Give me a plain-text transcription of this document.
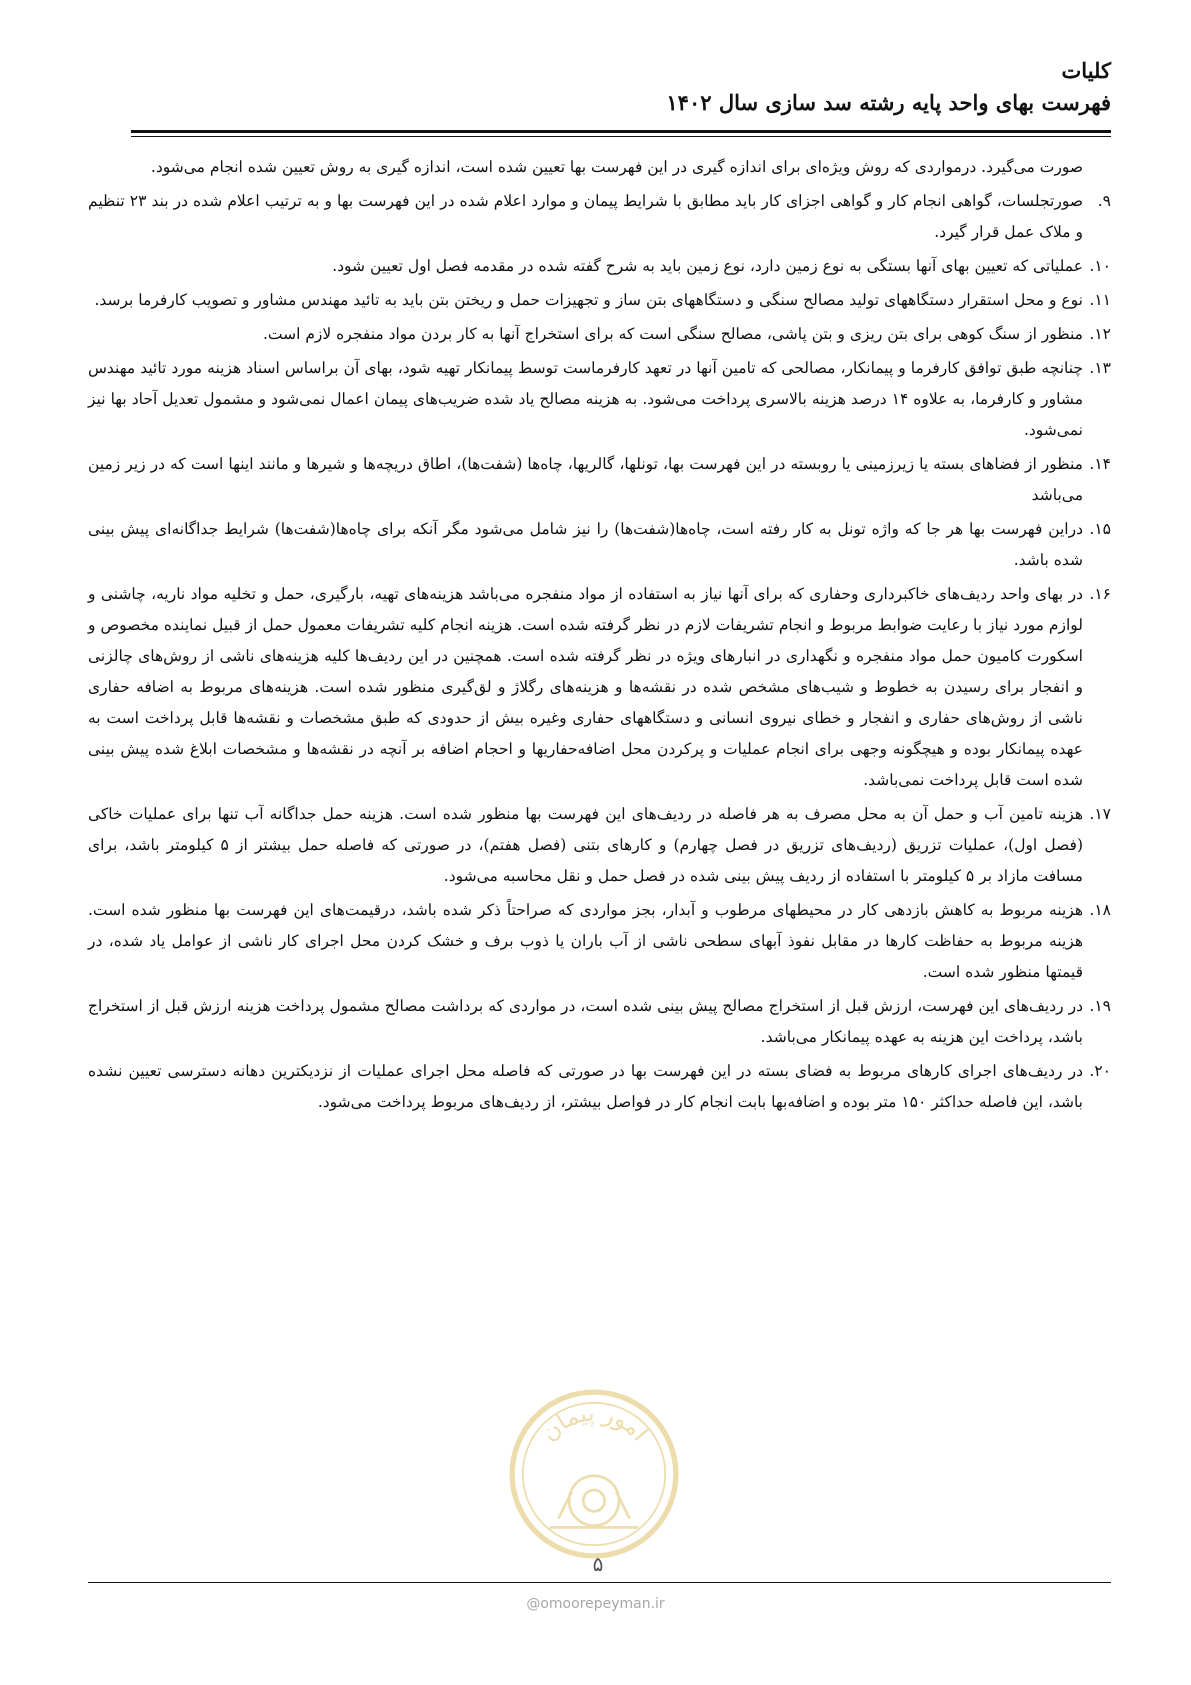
کلیات
فهرست بهای واحد پایه رشته سد سازی سال ۱۴۰۲
صورت می‌گیرد. درمواردی که روش ویژه‌ای برای اندازه گیری در این فهرست بها تعیین شده است، اندازه گیری به روش تعیین شده انجام می‌شود.
۹.
صورتجلسات، گواهی انجام کار و گواهی اجزای کار باید مطابق با شرایط پیمان و موارد اعلام شده در این فهرست بها و به ترتیب اعلام شده در بند ۲۳ تنظیم و ملاک عمل قرار گیرد.
۱۰.
عملیاتی که تعیین بهای آنها بستگی به نوع زمین دارد، نوع زمین باید به شرح گفته شده در مقدمه فصل اول تعیین شود.
۱۱.
نوع و محل استقرار دستگاههای تولید مصالح سنگی و دستگاههای بتن ساز و تجهیزات حمل و ریختن بتن باید به تائید مهندس مشاور و تصویب کارفرما برسد.
۱۲.
منظور از سنگ کوهی برای بتن ریزی و بتن پاشی، مصالح سنگی است که برای استخراج آنها به کار بردن مواد منفجره لازم است.
۱۳.
چنانچه طبق توافق کارفرما و پیمانکار، مصالحی که تامین آنها در تعهد کارفرماست توسط پیمانکار تهیه شود، بهای آن براساس اسناد هزینه مورد تائید مهندس مشاور و کارفرما، به علاوه ۱۴ درصد هزینه بالاسری پرداخت می‌شود. به هزینه مصالح یاد شده ضریب‌های پیمان اعمال نمی‌شود و مشمول تعدیل آحاد بها نیز نمی‌شود.
۱۴.
منظور از فضاهای بسته یا زیرزمینی یا روبسته در این فهرست بها، تونلها، گالریها، چاه‌ها (شفت‌ها)، اطاق دریچه‌ها و شیرها و مانند اینها است که در زیر زمین می‌باشد
۱۵.
دراین فهرست بها هر جا که واژه تونل به کار رفته است، چاه‌ها(شفت‌ها) را نیز شامل می‌شود مگر آنکه برای چاه‌ها(شفت‌ها) شرایط جداگانه‌ای پیش بینی شده باشد.
۱۶.
در بهای واحد ردیف‌های خاکبرداری وحفاری که برای آنها نیاز به استفاده از مواد منفجره می‌باشد هزینه‌های تهیه، بارگیری، حمل و تخلیه مواد ناریه، چاشنی و لوازم مورد نیاز با رعایت ضوابط مربوط و انجام تشریفات لازم در نظر گرفته شده است. هزینه انجام کلیه تشریفات معمول حمل از قبیل نماینده مخصوص و اسکورت کامیون حمل مواد منفجره و نگهداری در انبارهای ویژه در نظر گرفته شده است. همچنین در این ردیف‌ها کلیه هزینه‌های ناشی از روش‌های چالزنی و انفجار برای رسیدن به خطوط و شیب‌های مشخص شده در نقشه‌ها و هزینه‌های رگلاژ و لق‌گیری منظور شده است. هزینه‌های مربوط به اضافه حفاری ناشی از روش‌های حفاری و انفجار و خطای نیروی انسانی و دستگاههای حفاری وغیره بیش از حدودی که طبق مشخصات و نقشه‌ها قابل پرداخت است به عهده پیمانکار بوده و هیچگونه وجهی برای انجام عملیات و پرکردن محل اضافه‌حفاریها و احجام اضافه بر آنچه در نقشه‌ها و مشخصات ابلاغ شده پیش بینی شده است قابل پرداخت نمی‌باشد.
۱۷.
هزینه تامین آب و حمل آن به محل مصرف به هر فاصله در ردیف‌های این فهرست بها منظور شده است. هزینه حمل جداگانه آب تنها برای عملیات خاکی (فصل اول)، عملیات تزریق (ردیف‌های تزریق در فصل چهارم) و کارهای بتنی (فصل هفتم)، در صورتی که فاصله حمل بیشتر از ۵ کیلومتر باشد، برای مسافت مازاد بر ۵ کیلومتر با استفاده از ردیف پیش بینی شده در فصل حمل و نقل محاسبه می‌شود.
۱۸.
هزینه مربوط به کاهش بازدهی کار در محیطهای مرطوب و آبدار، بجز مواردی که صراحتاً ذکر شده باشد، درقیمت‌های این فهرست بها منظور شده است. هزینه مربوط به حفاظت کارها در مقابل نفوذ آبهای سطحی ناشی از آب باران یا ذوب برف و خشک کردن محل اجرای کار ناشی از عوامل یاد شده، در قیمتها منظور شده است.
۱۹.
در ردیف‌های این فهرست، ارزش قبل از استخراج مصالح پیش بینی شده است، در مواردی که برداشت مصالح مشمول پرداخت هزینه ارزش قبل از استخراج باشد، پرداخت این هزینه به عهده پیمانکار می‌باشد.
۲۰.
در ردیف‌های اجرای کارهای مربوط به فضای بسته در این فهرست بها در صورتی که فاصله محل اجرای عملیات از نزدیکترین دهانه دسترسی تعیین نشده باشد، این فاصله حداکثر ۱۵۰ متر بوده و اضافه‌بها بابت انجام کار در فواصل بیشتر، از ردیف‌های مربوط پرداخت می‌شود.
امور پیمان
۵
@omoorepeyman.ir
